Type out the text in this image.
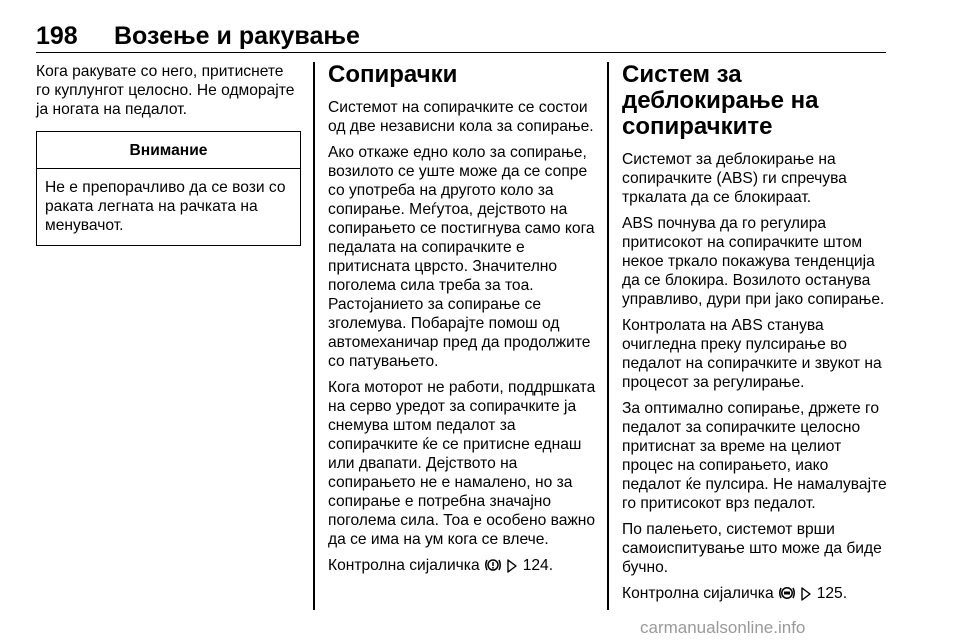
198 Возење и ракување

Кога ракувате со него, притиснете го куплунгот целосно. Не одморајте ја ногата на педалот.

Внимание
Не е препорачливо да се вози со раката легната на рачката на менувачот.
Сопирачки

Системот на сопирачките се состои од две независни кола за сопирање.

Ако откаже едно коло за сопирање, возилото се уште може да се сопре со употреба на другото коло за сопирање. Меѓутоа, дејството на сопирањето се постигнува само кога педалата на сопирачките е притисната цврсто. Значително поголема сила треба за тоа. Растојанието за сопирање се зголемува. Побарајте помош од автомеханичар пред да продолжите со патувањето.

Кога моторот не работи, поддршката на серво уредот за сопирачките ја снемува штом педалот за сопирачките ќе се притисне еднаш или двапати. Дејството на сопирањето не е намалено, но за сопирање е потребна значајно поголема сила. Тоа е особено важно да се има на ум кога се влече.

Контролна сијаличка	124.

Систем за деблокирање на сопирачките

Системот за деблокирање на сопирачките (ABS) ги спречува тркалата да се блокираат.

ABS почнува да го регулира притисокот на сопирачките штом некое тркало покажува тенденција да се блокира. Возилото останува управливо, дури при јако сопирање.

Контролата на ABS станува очигледна преку пулсирање во педалот на сопирачките и звукот на процесот за регулирање.

За оптимално сопирање, држете го педалот за сопирачките целосно притиснат за време на целиот процес на сопирањето, иако педалот ќе пулсира. Не намалувајте го притисокот врз педалот.

По палењето, системот врши самоиспитување што може да биде бучно.

Контролна сијаличка	125.

carmanualsonline.info
